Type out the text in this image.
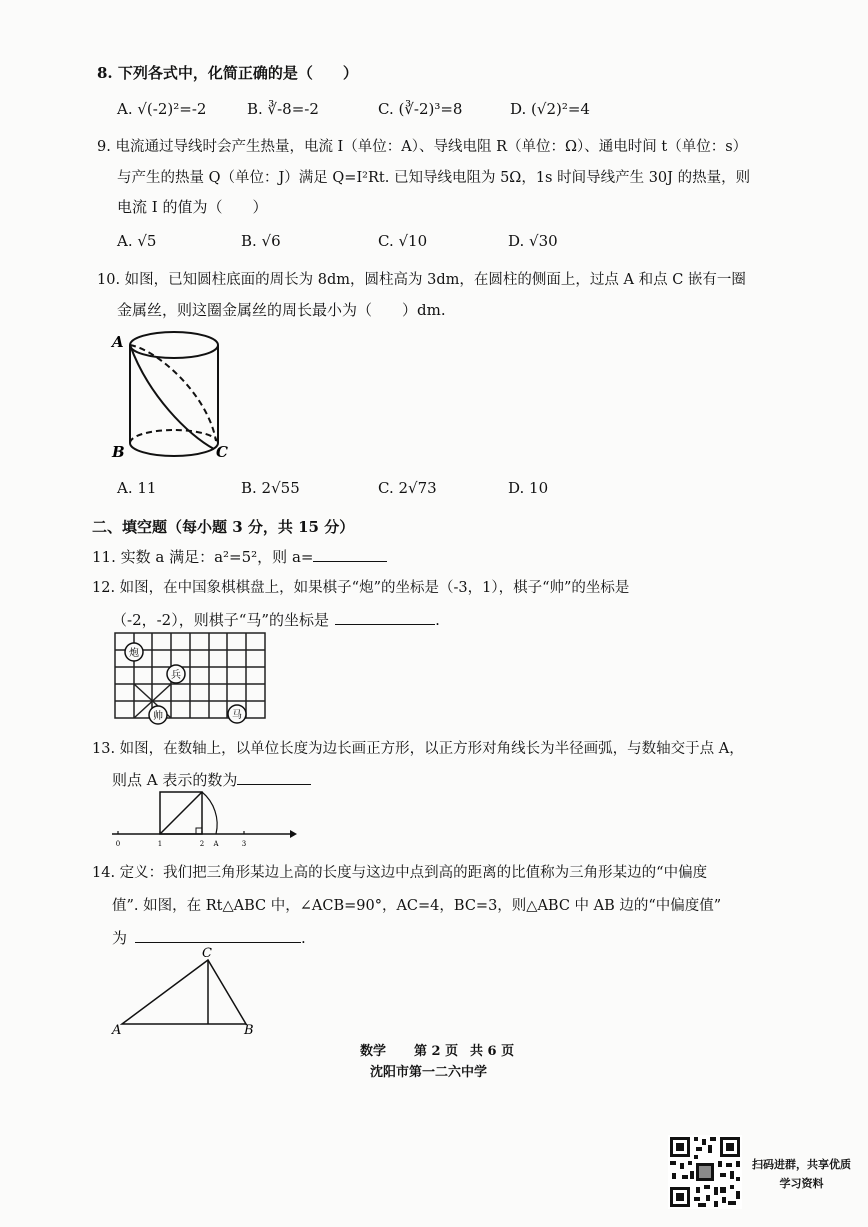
8. 下列各式中，化简正确的是（　　）
A. √(-2)²=-2	B. ∛-8=-2	C. (∛-2)³=8	D. (√2)²=4
9. 电流通过导线时会产生热量，电流 I（单位：A）、导线电阻 R（单位：Ω）、通电时间 t（单位：s）
与产生的热量 Q（单位：J）满足 Q=I²Rt. 已知导线电阻为 5Ω，1s 时间导线产生 30J 的热量，则
电流 I 的值为（　　）
A. √5	B. √6	C. √10	D. √30
10. 如图，已知圆柱底面的周长为 8dm，圆柱高为 3dm，在圆柱的侧面上，过点 A 和点 C 嵌有一圈
金属丝，则这圈金属丝的周长最小为（　　）dm.
A
B	C
A. 11	B. 2√55	C. 2√73	D. 10
二、填空题（每小题 3 分，共 15 分）
11. 实数 a 满足：a²=5²，则 a=
12. 如图，在中国象棋棋盘上，如果棋子“炮”的坐标是（-3，1），棋子“帅”的坐标是
（-2，-2），则棋子“马”的坐标是	.
炮
兵
帅	马
13. 如图，在数轴上，以单位长度为边长画正方形，以正方形对角线长为半径画弧，与数轴交于点 A，
则点 A 表示的数为
0	1	2 A	3
14. 定义：我们把三角形某边上高的长度与这边中点到高的距离的比值称为三角形某边的“中偏度
值”. 如图，在 Rt△ABC 中，∠ACB=90°，AC=4，BC=3，则△ABC 中 AB 边的“中偏度值”
为	.
A	B
C
数学 第 2 页 共 6 页
沈阳市第一二六中学
扫码进群，共享优质
学习资料
